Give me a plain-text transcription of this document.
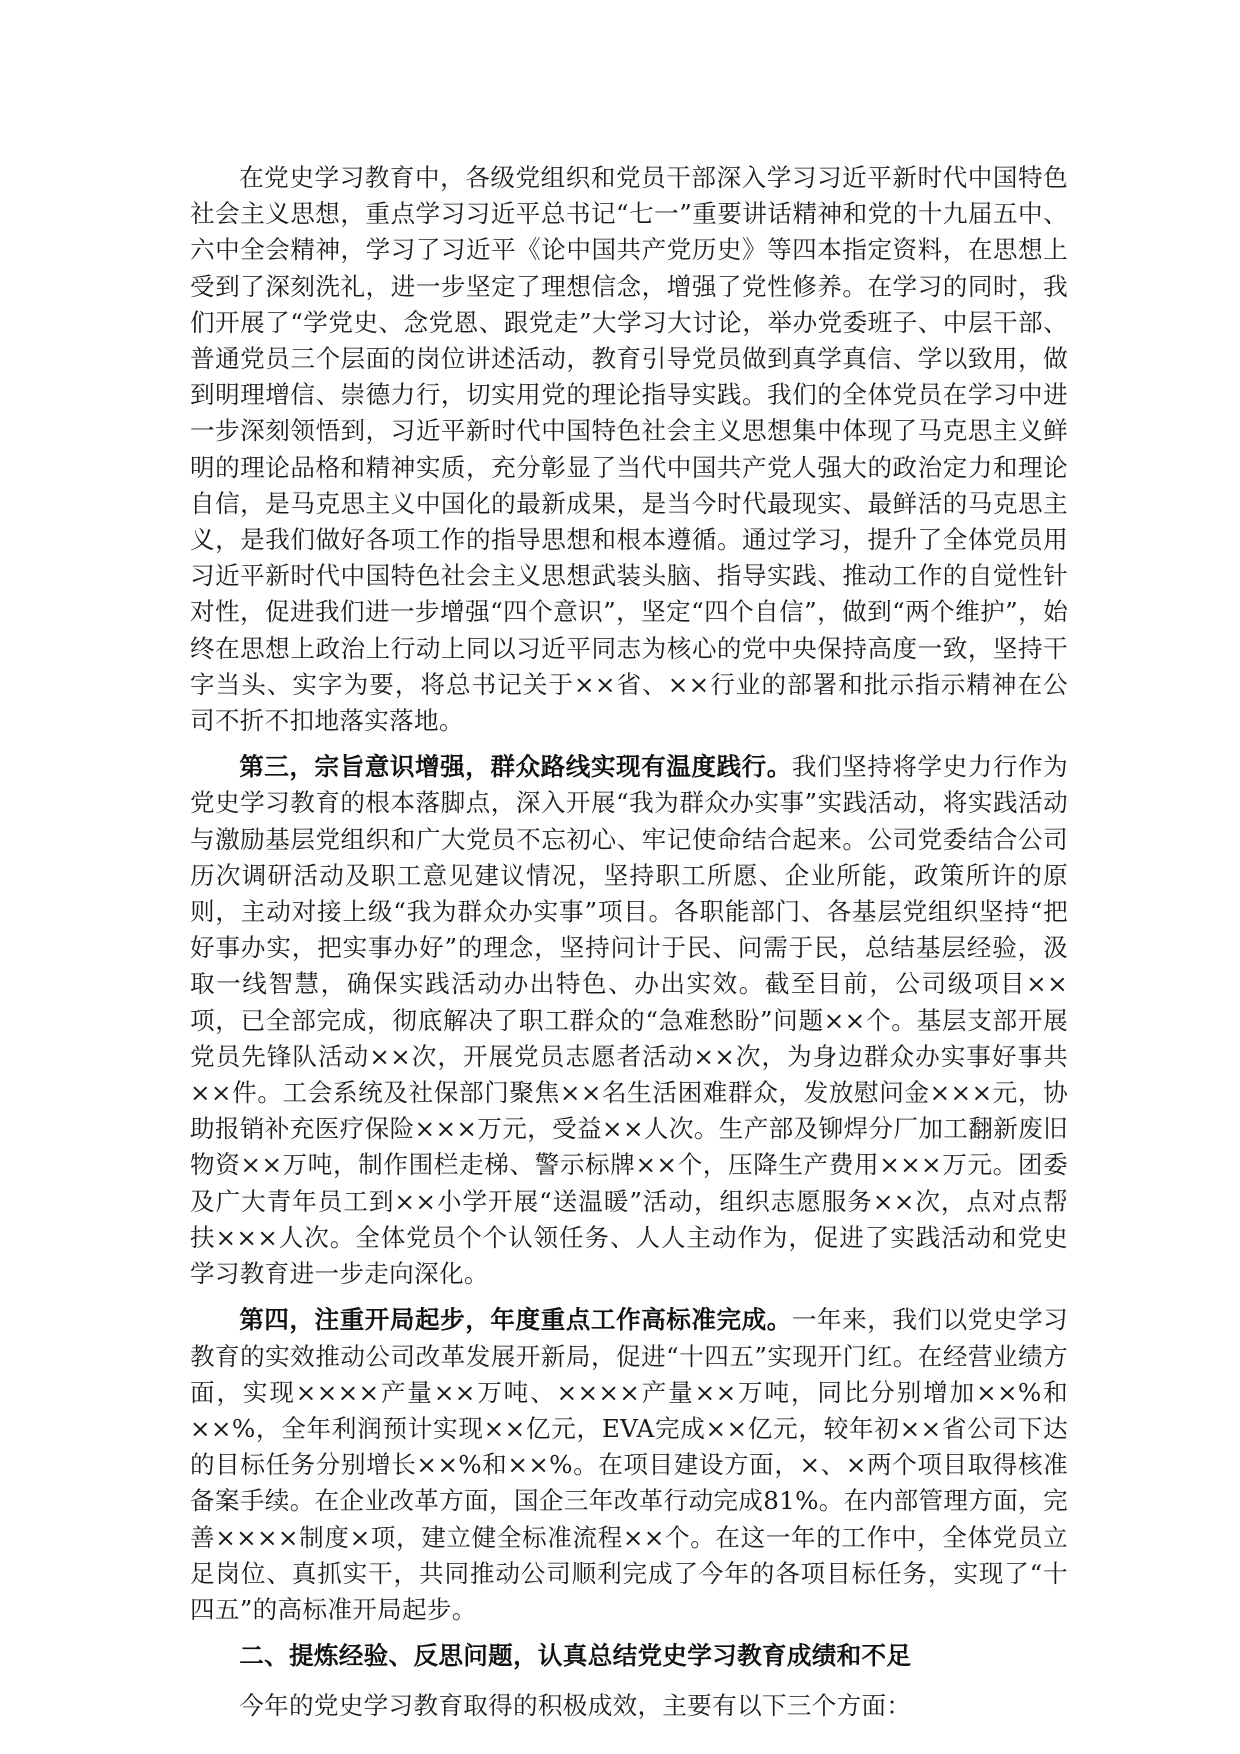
在党史学习教育中，各级党组织和党员干部深入学习习近平新时代中国特色社会主义思想，重点学习习近平总书记“七一”重要讲话精神和党的十九届五中、六中全会精神，学习了习近平《论中国共产党历史》等四本指定资料，在思想上受到了深刻洗礼，进一步坚定了理想信念，增强了党性修养。在学习的同时，我们开展了“学党史、念党恩、跟党走”大学习大讨论，举办党委班子、中层干部、普通党员三个层面的岗位讲述活动，教育引导党员做到真学真信、学以致用，做到明理增信、崇德力行，切实用党的理论指导实践。我们的全体党员在学习中进一步深刻领悟到，习近平新时代中国特色社会主义思想集中体现了马克思主义鲜明的理论品格和精神实质，充分彰显了当代中国共产党人强大的政治定力和理论自信，是马克思主义中国化的最新成果，是当今时代最现实、最鲜活的马克思主义，是我们做好各项工作的指导思想和根本遵循。通过学习，提升了全体党员用习近平新时代中国特色社会主义思想武装头脑、指导实践、推动工作的自觉性针对性，促进我们进一步增强“四个意识”，坚定“四个自信”，做到“两个维护”，始终在思想上政治上行动上同以习近平同志为核心的党中央保持高度一致，坚持干字当头、实字为要，将总书记关于××省、××行业的部署和批示指示精神在公司不折不扣地落实落地。

第三，宗旨意识增强，群众路线实现有温度践行。我们坚持将学史力行作为党史学习教育的根本落脚点，深入开展“我为群众办实事”实践活动，将实践活动与激励基层党组织和广大党员不忘初心、牢记使命结合起来。公司党委结合公司历次调研活动及职工意见建议情况，坚持职工所愿、企业所能，政策所许的原则，主动对接上级“我为群众办实事”项目。各职能部门、各基层党组织坚持“把好事办实，把实事办好”的理念，坚持问计于民、问需于民，总结基层经验，汲取一线智慧，确保实践活动办出特色、办出实效。截至目前，公司级项目××项，已全部完成，彻底解决了职工群众的“急难愁盼”问题××个。基层支部开展党员先锋队活动××次，开展党员志愿者活动××次，为身边群众办实事好事共××件。工会系统及社保部门聚焦××名生活困难群众，发放慰问金×××元，协助报销补充医疗保险×××万元，受益××人次。生产部及铆焊分厂加工翻新废旧物资××万吨，制作围栏走梯、警示标牌××个，压降生产费用×××万元。团委及广大青年员工到××小学开展“送温暖”活动，组织志愿服务××次，点对点帮扶×××人次。全体党员个个认领任务、人人主动作为，促进了实践活动和党史学习教育进一步走向深化。

第四，注重开局起步，年度重点工作高标准完成。一年来，我们以党史学习教育的实效推动公司改革发展开新局，促进“十四五”实现开门红。在经营业绩方面，实现××××产量××万吨、××××产量××万吨，同比分别增加××%和××%，全年利润预计实现××亿元，EVA完成××亿元，较年初××省公司下达的目标任务分别增长××%和××%。在项目建设方面，×、×两个项目取得核准备案手续。在企业改革方面，国企三年改革行动完成81%。在内部管理方面，完善××××制度×项，建立健全标准流程××个。在这一年的工作中，全体党员立足岗位、真抓实干，共同推动公司顺利完成了今年的各项目标任务，实现了“十四五”的高标准开局起步。

二、提炼经验、反思问题，认真总结党史学习教育成绩和不足

今年的党史学习教育取得的积极成效，主要有以下三个方面：
